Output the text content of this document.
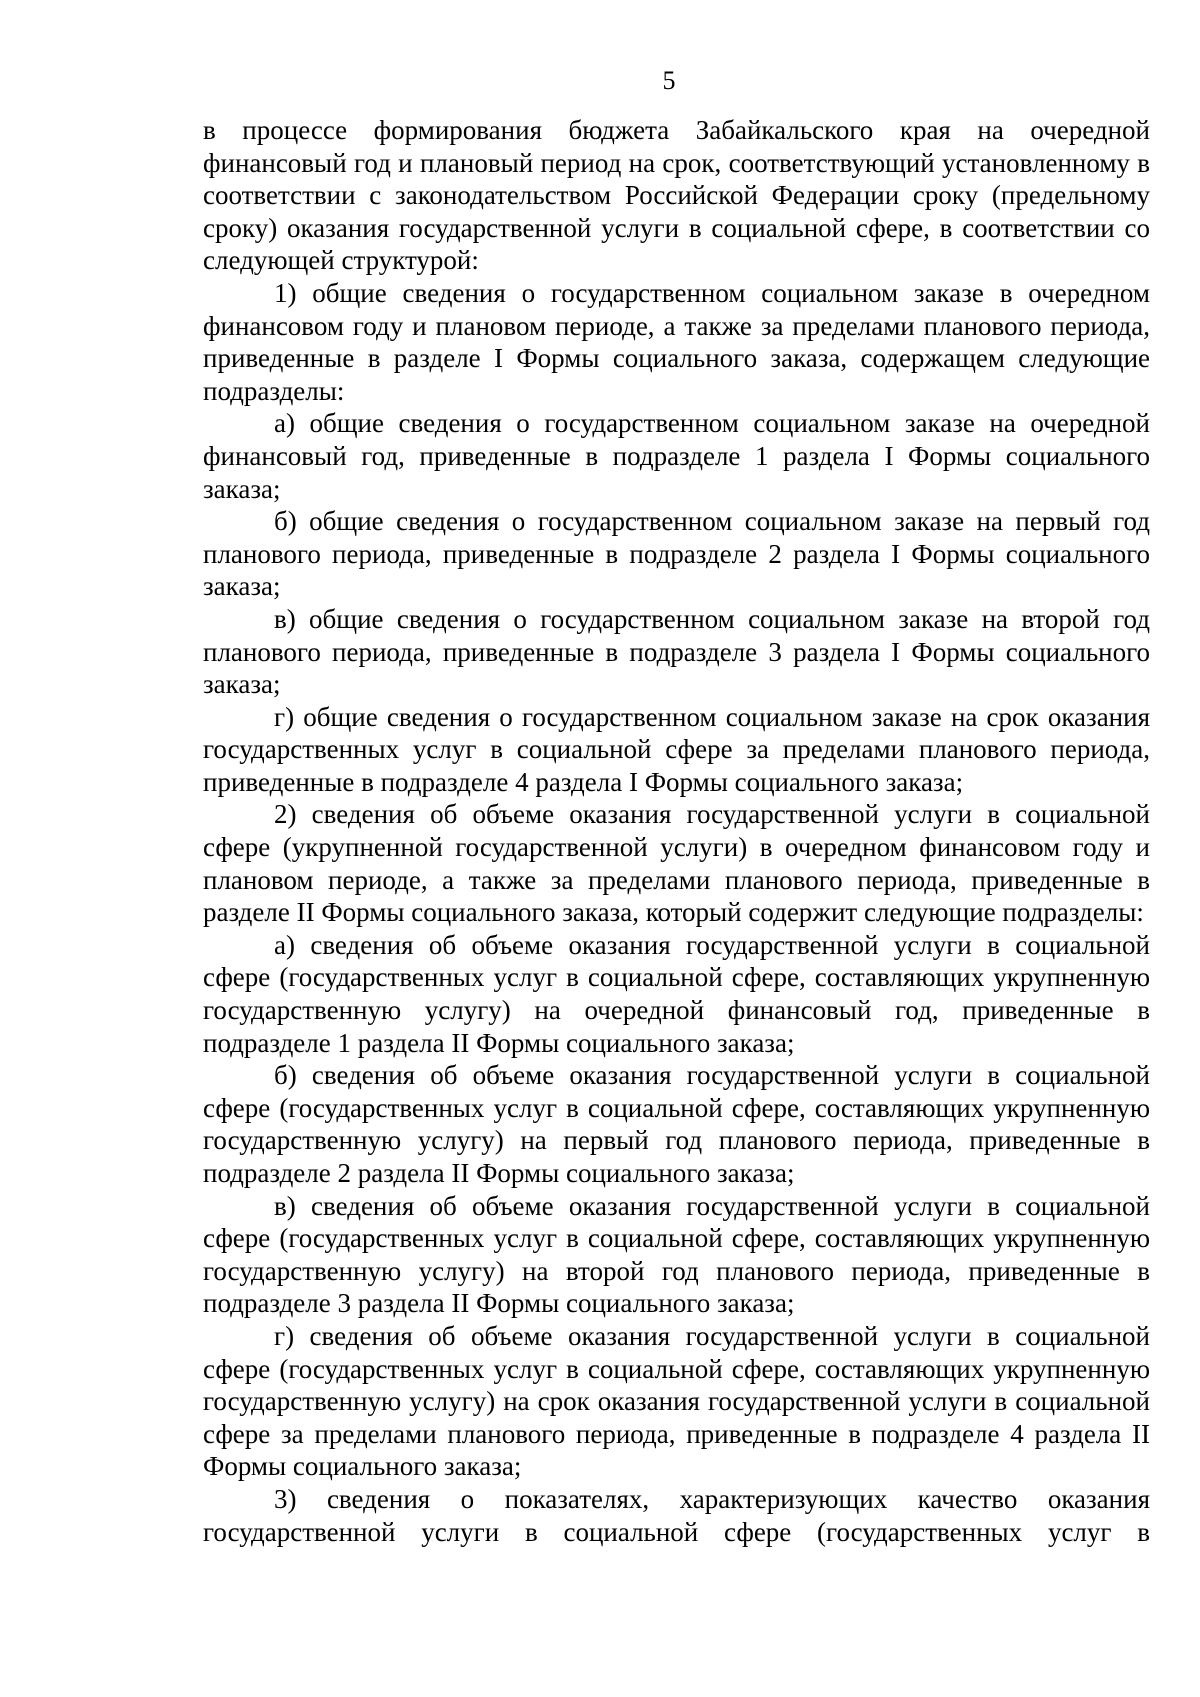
5

в процессе формирования бюджета Забайкальского края на очередной финансовый год и плановый период на срок, соответствующий установленному в соответствии с законодательством Российской Федерации сроку (предельному сроку) оказания государственной услуги в социальной сфере, в соответствии со следующей структурой:

1) общие сведения о государственном социальном заказе в очередном финансовом году и плановом периоде, а также за пределами планового периода, приведенные в разделе I Формы социального заказа, содержащем следующие подразделы:

а) общие сведения о государственном социальном заказе на очередной финансовый год, приведенные в подразделе 1 раздела I Формы социального заказа;

б) общие сведения о государственном социальном заказе на первый год планового периода, приведенные в подразделе 2 раздела I Формы социального заказа;

в) общие сведения о государственном социальном заказе на второй год планового периода, приведенные в подразделе 3 раздела I Формы социального заказа;

г) общие сведения о государственном социальном заказе на срок оказания государственных услуг в социальной сфере за пределами планового периода, приведенные в подразделе 4 раздела I Формы социального заказа;

2) сведения об объеме оказания государственной услуги в социальной сфере (укрупненной государственной услуги) в очередном финансовом году и плановом периоде, а также за пределами планового периода, приведенные в разделе II Формы социального заказа, который содержит следующие подразделы:

а) сведения об объеме оказания государственной услуги в социальной сфере (государственных услуг в социальной сфере, составляющих укрупненную государственную услугу) на очередной финансовый год, приведенные в подразделе 1 раздела II Формы социального заказа;

б) сведения об объеме оказания государственной услуги в социальной сфере (государственных услуг в социальной сфере, составляющих укрупненную государственную услугу) на первый год планового периода, приведенные в подразделе 2 раздела II Формы социального заказа;

в) сведения об объеме оказания государственной услуги в социальной сфере (государственных услуг в социальной сфере, составляющих укрупненную государственную услугу) на второй год планового периода, приведенные в подразделе 3 раздела II Формы социального заказа;

г) сведения об объеме оказания государственной услуги в социальной сфере (государственных услуг в социальной сфере, составляющих укрупненную государственную услугу) на срок оказания государственной услуги в социальной сфере за пределами планового периода, приведенные в подразделе 4 раздела II Формы социального заказа;

3) сведения о показателях, характеризующих качество оказания государственной услуги в социальной сфере (государственных услуг в
